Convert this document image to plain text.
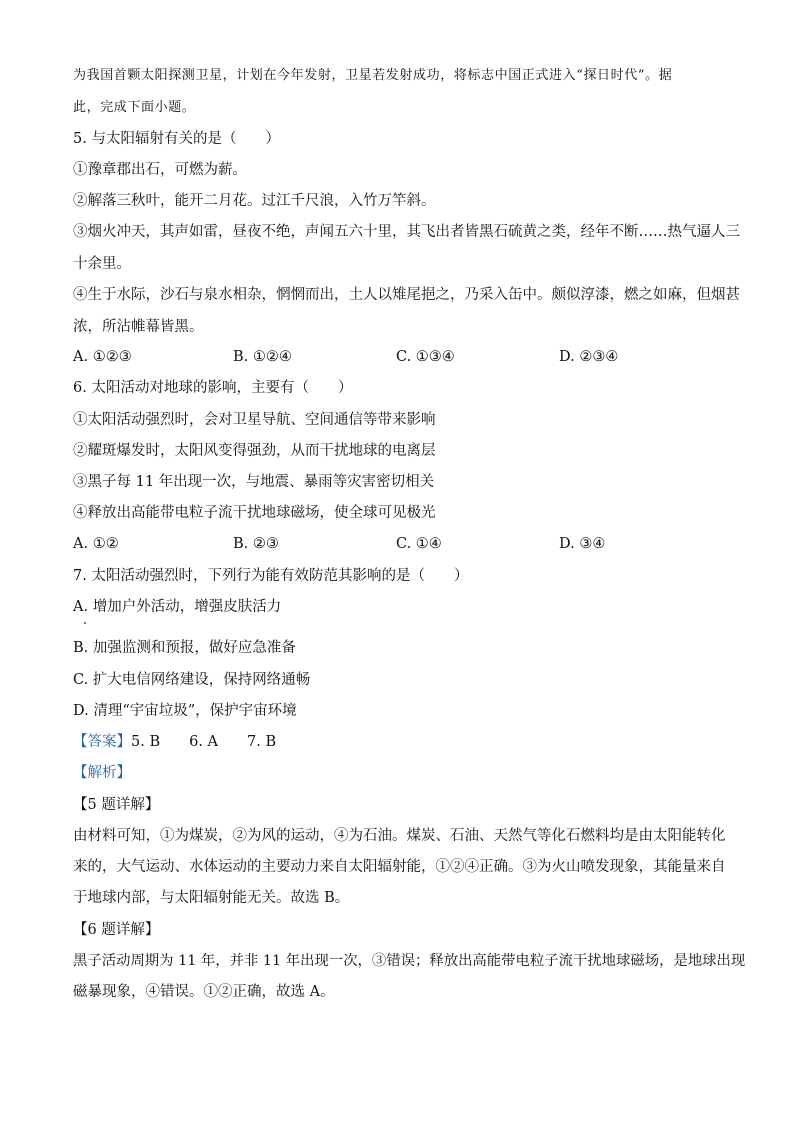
为我国首颗太阳探测卫星，计划在今年发射，卫星若发射成功，将标志中国正式进入“探日时代”。据
此，完成下面小题。
5. 与太阳辐射有关的是（　　）
①豫章郡出石，可燃为薪。
②解落三秋叶，能开二月花。过江千尺浪，入竹万竿斜。
③烟火冲天，其声如雷，昼夜不绝，声闻五六十里，其飞出者皆黑石硫黄之类，经年不断……热气逼人三
十余里。
④生于水际，沙石与泉水相杂，惘惘而出，土人以雉尾挹之，乃采入缶中。颇似淳漆，燃之如麻，但烟甚
浓，所沾帷幕皆黑。
A. ①②③	B. ①②④	C. ①③④	D. ②③④
6. 太阳活动对地球的影响，主要有（　　）
①太阳活动强烈时，会对卫星导航、空间通信等带来影响
②耀斑爆发时，太阳风变得强劲，从而干扰地球的电离层
③黑子每 11 年出现一次，与地震、暴雨等灾害密切相关
④释放出高能带电粒子流干扰地球磁场，使全球可见极光
A. ①②	B. ②③	C. ①④	D. ③④
7. 太阳活动强烈时，下列行为能有效防范其影响的是（　　）
A. 增加户外活动，增强皮肤活力
B. 加强监测和预报，做好应急准备
C. 扩大电信网络建设，保持网络通畅
D. 清理“宇宙垃圾”，保护宇宙环境
【答案】5. B　　6. A　　7. B
【解析】
【5 题详解】
由材料可知，①为煤炭，②为风的运动，④为石油。煤炭、石油、天然气等化石燃料均是由太阳能转化
来的，大气运动、水体运动的主要动力来自太阳辐射能，①②④正确。③为火山喷发现象，其能量来自
于地球内部，与太阳辐射能无关。故选 B。
【6 题详解】
黑子活动周期为 11 年，并非 11 年出现一次，③错误；释放出高能带电粒子流干扰地球磁场，是地球出现
磁暴现象，④错误。①②正确，故选 A。
